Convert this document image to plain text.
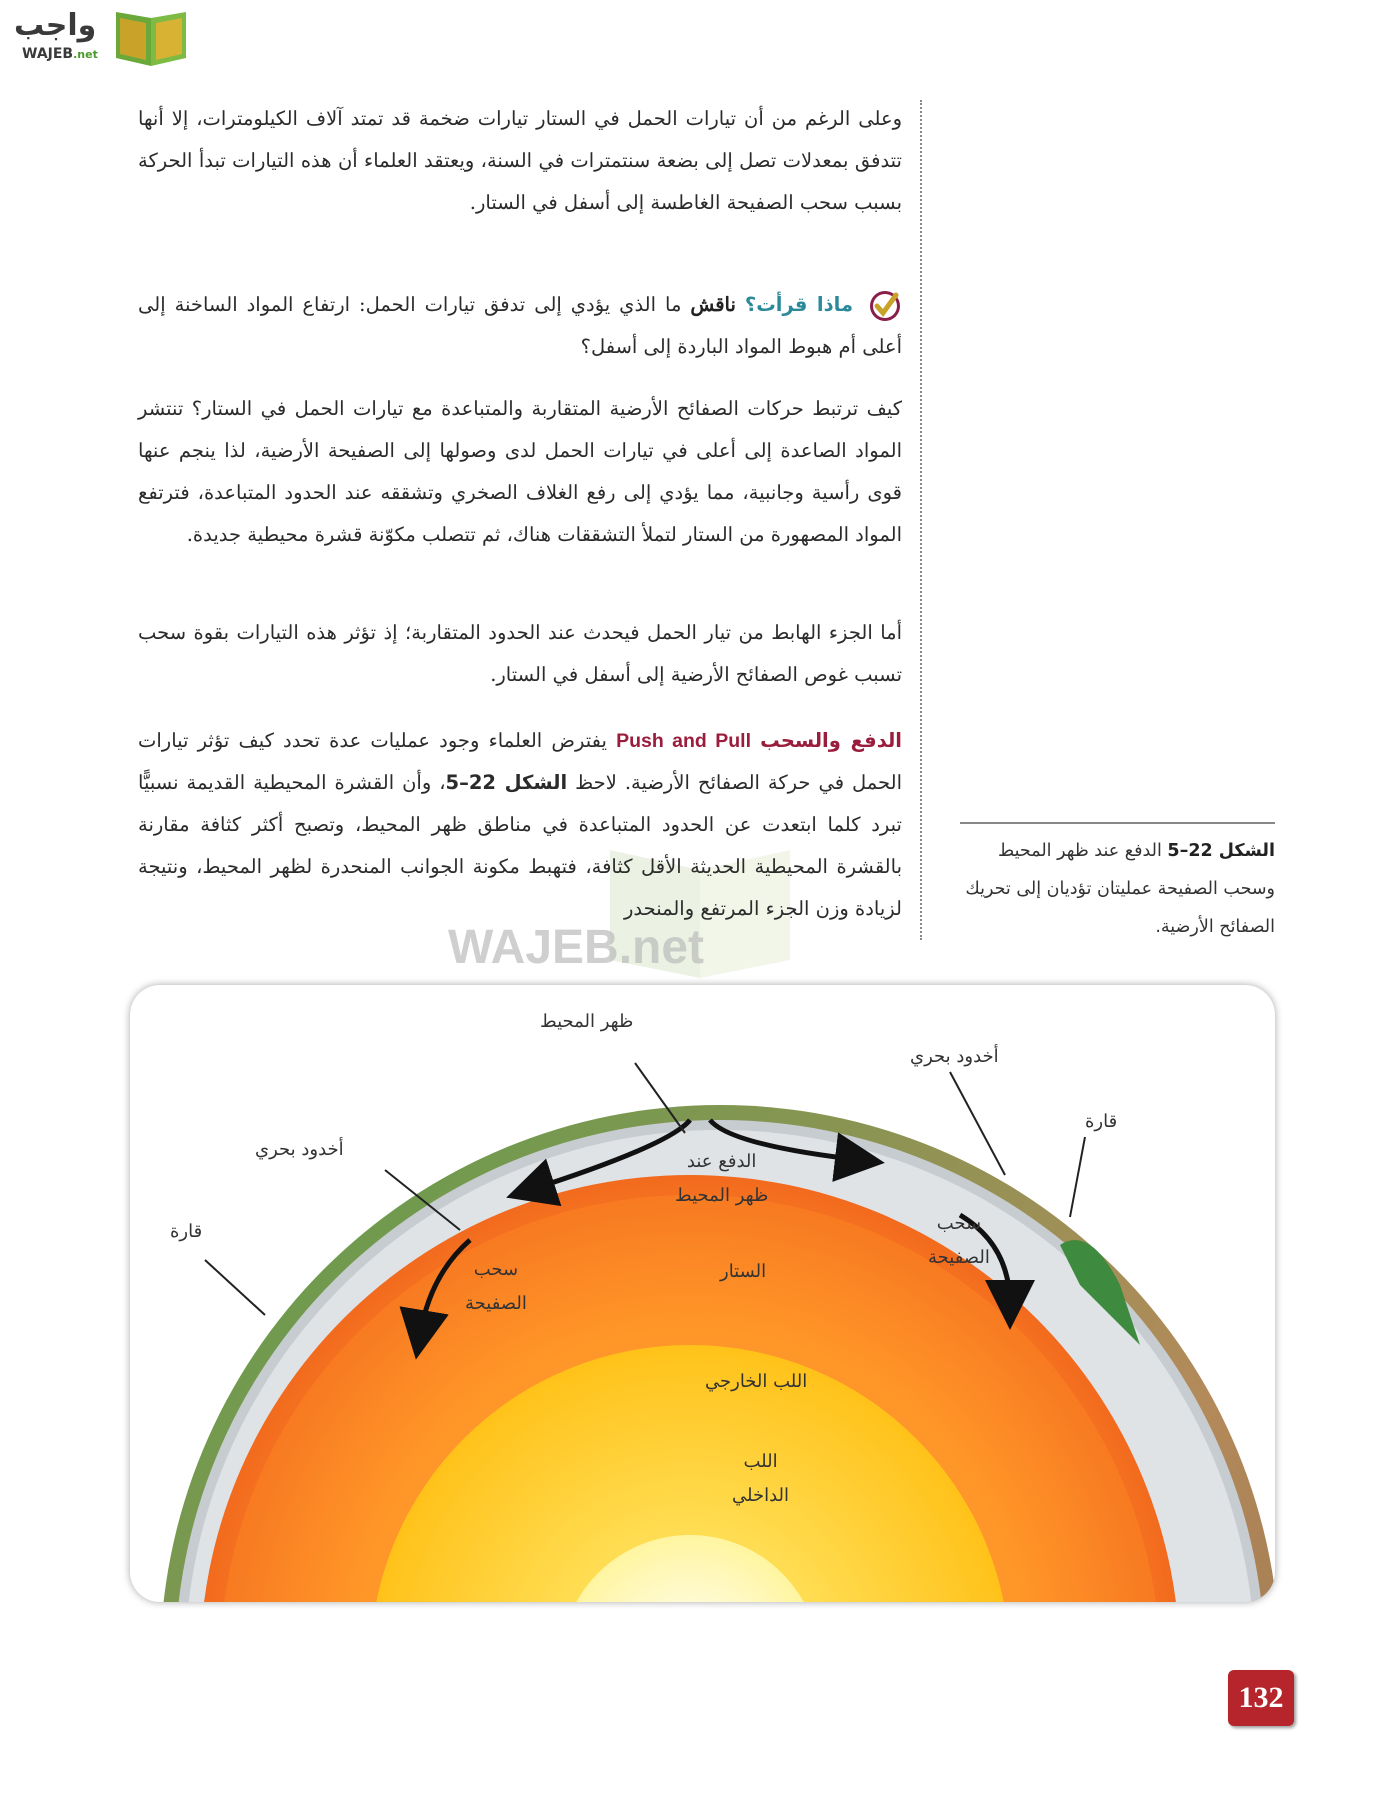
واجب
WAJEB.net
WAJEB.net
وعلى الرغم من أن تيارات الحمل في الستار تيارات ضخمة قد تمتد آلاف الكيلومترات، إلا أنها تتدفق بمعدلات تصل إلى بضعة سنتمترات في السنة، ويعتقد العلماء أن هذه التيارات تبدأ الحركة بسبب سحب الصفيحة الغاطسة إلى أسفل في الستار.
ماذا قرأت؟ ناقش ما الذي يؤدي إلى تدفق تيارات الحمل: ارتفاع المواد الساخنة إلى أعلى أم هبوط المواد الباردة إلى أسفل؟
كيف ترتبط حركات الصفائح الأرضية المتقاربة والمتباعدة مع تيارات الحمل في الستار؟ تنتشر المواد الصاعدة إلى أعلى في تيارات الحمل لدى وصولها إلى الصفيحة الأرضية، لذا ينجم عنها قوى رأسية وجانبية، مما يؤدي إلى رفع الغلاف الصخري وتشققه عند الحدود المتباعدة، فترتفع المواد المصهورة من الستار لتملأ التشققات هناك، ثم تتصلب مكوّنة قشرة محيطية جديدة.
أما الجزء الهابط من تيار الحمل فيحدث عند الحدود المتقاربة؛ إذ تؤثر هذه التيارات بقوة سحب تسبب غوص الصفائح الأرضية إلى أسفل في الستار.
الدفع والسحب Push and Pull يفترض العلماء وجود عمليات عدة تحدد كيف تؤثر تيارات الحمل في حركة الصفائح الأرضية. لاحظ الشكل 22–5، وأن القشرة المحيطية القديمة نسبيًّا تبرد كلما ابتعدت عن الحدود المتباعدة في مناطق ظهر المحيط، وتصبح أكثر كثافة مقارنة بالقشرة المحيطية الحديثة الأقل كثافة، فتهبط مكونة الجوانب المنحدرة لظهر المحيط، ونتيجة لزيادة وزن الجزء المرتفع والمنحدر
الشكل 22–5 الدفع عند ظهر المحيط وسحب الصفيحة عمليتان تؤديان إلى تحريك الصفائح الأرضية.
ظهر المحيط
أخدود بحري
قارة
أخدود بحري
قارة
الدفع عند
ظهر المحيط
سحب
الصفيحة
سحب
الصفيحة
الستار
اللب الخارجي
اللب
الداخلي
132
